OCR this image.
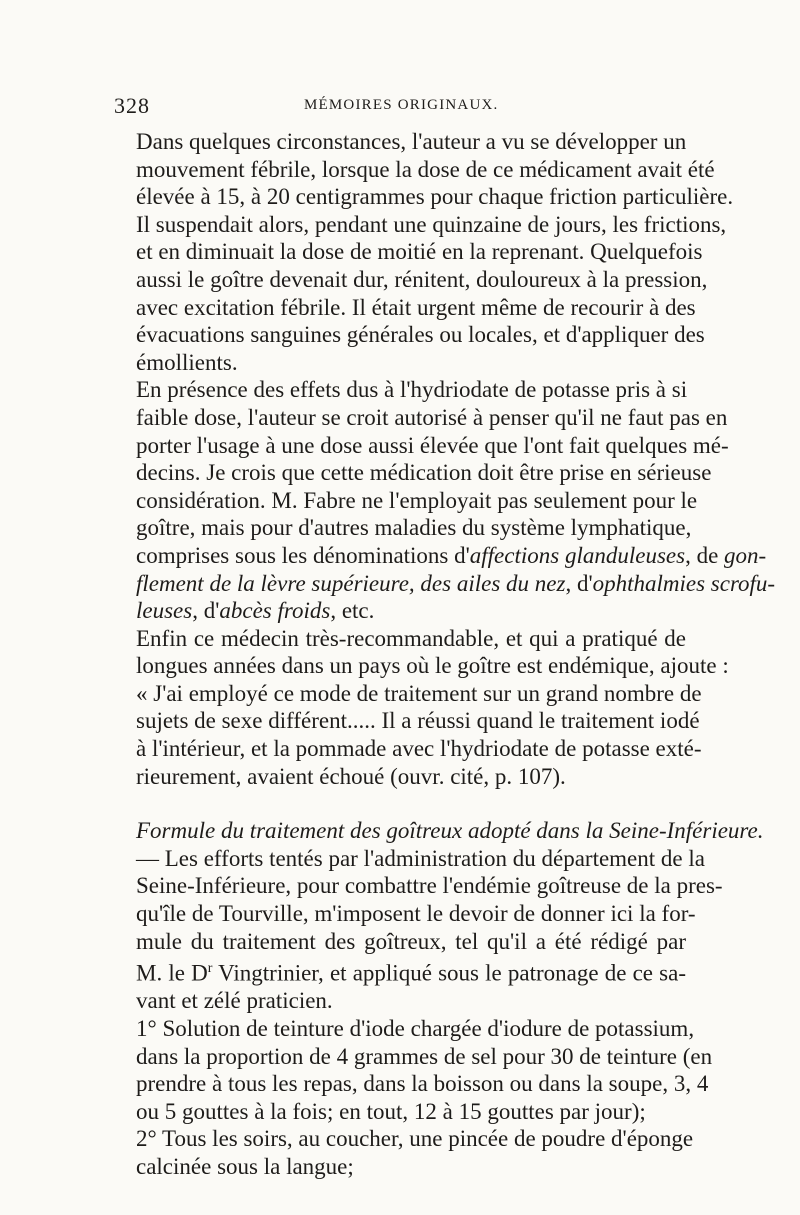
328	MÉMOIRES ORIGINAUX.

Dans quelques circonstances, l'auteur a vu se développer un
mouvement fébrile, lorsque la dose de ce médicament avait été
élevée à 15, à 20 centigrammes pour chaque friction particulière.
Il suspendait alors, pendant une quinzaine de jours, les frictions,
et en diminuait la dose de moitié en la reprenant. Quelquefois
aussi le goître devenait dur, rénitent, douloureux à la pression,
avec excitation fébrile. Il était urgent même de recourir à des
évacuations sanguines générales ou locales, et d'appliquer des
émollients.

En présence des effets dus à l'hydriodate de potasse pris à si
faible dose, l'auteur se croit autorisé à penser qu'il ne faut pas en
porter l'usage à une dose aussi élevée que l'ont fait quelques mé-
decins. Je crois que cette médication doit être prise en sérieuse
considération. M. Fabre ne l'employait pas seulement pour le
goître, mais pour d'autres maladies du système lymphatique,
comprises sous les dénominations d'affections glanduleuses, de gon-
flement de la lèvre supérieure, des ailes du nez, d'ophthalmies scrofu-
leuses, d'abcès froids, etc.

Enfin ce médecin très-recommandable, et qui a pratiqué de
longues années dans un pays où le goître est endémique, ajoute :
« J'ai employé ce mode de traitement sur un grand nombre de
sujets de sexe différent..... Il a réussi quand le traitement iodé
à l'intérieur, et la pommade avec l'hydriodate de potasse exté-
rieurement, avaient échoué (ouvr. cité, p. 107).

Formule du traitement des goîtreux adopté dans la Seine-Inférieure.
— Les efforts tentés par l'administration du département de la
Seine-Inférieure, pour combattre l'endémie goîtreuse de la pres-
qu'île de Tourville, m'imposent le devoir de donner ici la for-
mule du traitement des goîtreux, tel qu'il a été rédigé par
M. le $D^r$ Vingtrinier, et appliqué sous le patronage de ce sa-
vant et zélé praticien.

1° Solution de teinture d'iode chargée d'iodure de potassium,
dans la proportion de 4 grammes de sel pour 30 de teinture (en
prendre à tous les repas, dans la boisson ou dans la soupe, 3, 4
ou 5 gouttes à la fois; en tout, 12 à 15 gouttes par jour);

2° Tous les soirs, au coucher, une pincée de poudre d'éponge
calcinée sous la langue;
